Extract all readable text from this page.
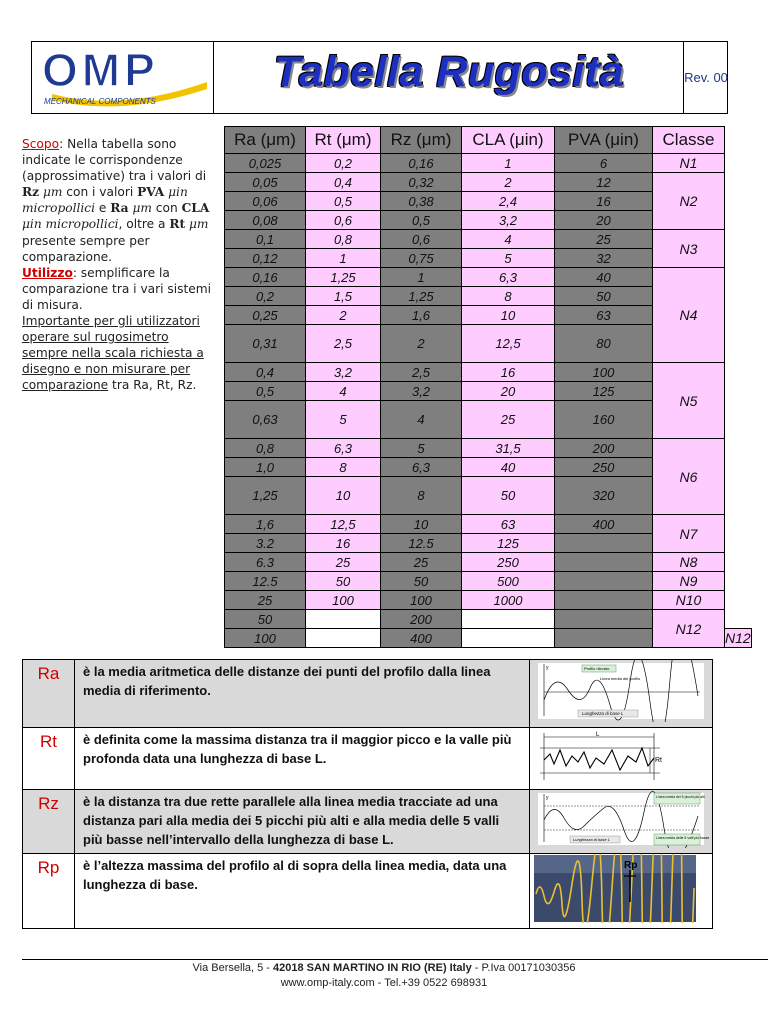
OMP
MECHANICAL COMPONENTS
Tabella Rugosità	Rev. 00
Scopo: Nella tabella sono indicate le corrispondenze (approssimative) tra i valori di Rz μm con i valori PVA μin micropollici e Ra μm con CLA μin micropollici, oltre a Rt μm presente sempre per comparazione.
Utilizzo: semplificare la comparazione tra i vari sistemi di misura.
Importante per gli utilizzatori operare sul rugosimetro sempre nella scala richiesta a disegno e non misurare per comparazione tra Ra, Rt, Rz.
Ra (μm)	Rt (μm)	Rz (μm)	CLA (μin)	PVA (μin)	Classe	
0,025	0,2	0,16	1	6	N1	
0,05	0,4	0,32	2	12	N2	
0,06	0,5	0,38	2,4	16		
0,08	0,6	0,5	3,2	20		
0,1	0,8	0,6	4	25	N3	
0,12	1	0,75	5	32		
0,16	1,25	1	6,3	40	N4	
0,2	1,5	1,25	8	50		
0,25	2	1,6	10	63		
0,31	2,5	2	12,5	80		
0,4	3,2	2,5	16	100	N5	
0,5	4	3,2	20	125		
0,63	5	4	25	160		
0,8	6,3	5	31,5	200	N6	
1,0	8	6,3	40	250		
1,25	10	8	50	320		
1,6	12,5	10	63	400	N7	
3.2	16	12.5	125			
6.3	25	25	250		N8	
12.5	50	50	500		N9	
25	100	100	1000		N10	
50		200			N12	
100		400				N12
Ra	è la media aritmetica delle distanze dei punti del profilo dalla linea media di riferimento.	y Profilo rilevato
Linea media del profilo
Lunghezza di base L

Rt	è definita come la massima distanza tra il maggior picco e la valle più profonda data una lunghezza di base L.	L
Rt

Rz	è la distanza tra due rette parallele alla linea media tracciate ad una distanza pari alla media dei 5 picchi più alti e alla media delle 5 valli più basse nell’intervallo della lunghezza di base L.	y Linea media dei 5 picchi più alti
Lunghezza di base L Linea media delle 5 valli più basse

Rp	è l’altezza massima del profilo al di sopra della linea media, data una lunghezza di base.	Rp
Via Bersella, 5 - 42018 SAN MARTINO IN RIO (RE) Italy - P.Iva 00171030356
www.omp-italy.com - Tel.+39 0522 698931
